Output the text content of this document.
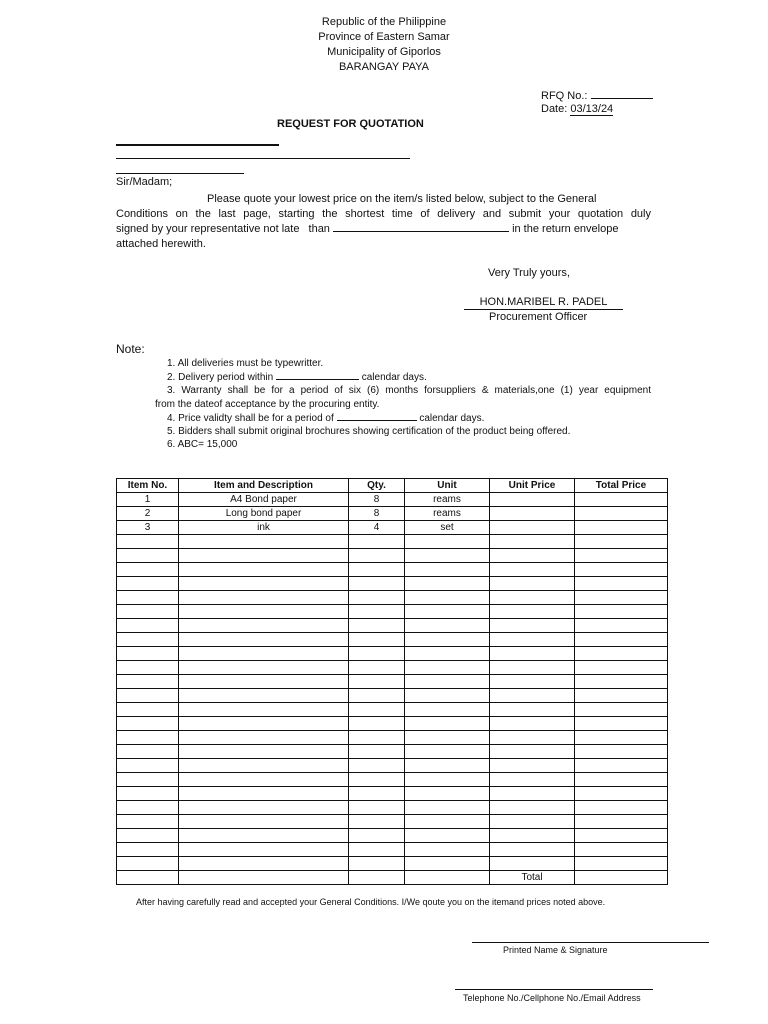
Republic of the Philippine
Province of Eastern Samar
Municipality of Giporlos
BARANGAY PAYA
RFQ No.:
Date: 03/13/24
REQUEST FOR QUOTATION
Sir/Madam;
Please quote your lowest price on the item/s listed below, subject to the General
Conditions on the last page, starting the shortest time of delivery and submit your quotation duly
signed by your representative not late than	in the return envelope
attached herewith.
Very Truly yours,
HON.MARIBEL R. PADEL
Procurement Officer
Note:
1. All deliveries must be typewritter.
2. Delivery period within	calendar days.
3. Warranty shall be for a period of six (6) months forsuppliers & materials,one (1) year equipment
from the dateof acceptance by the procuring entity.
4. Price validty shall be for a period of	calendar days.
5. Bidders shall submit original brochures showing certification of the product being offered.
6. ABC= 15,000
Item No.	Item and Description	Qty.	Unit	Unit Price	Total Price
1	A4 Bond paper	8	reams		
2	Long bond paper	8	reams		
3	ink	4	set		

				Total	
After having carefully read and accepted your General Conditions. I/We qoute you on the itemand prices noted above.
Printed Name & Signature
Telephone No./Cellphone No./Email Address
